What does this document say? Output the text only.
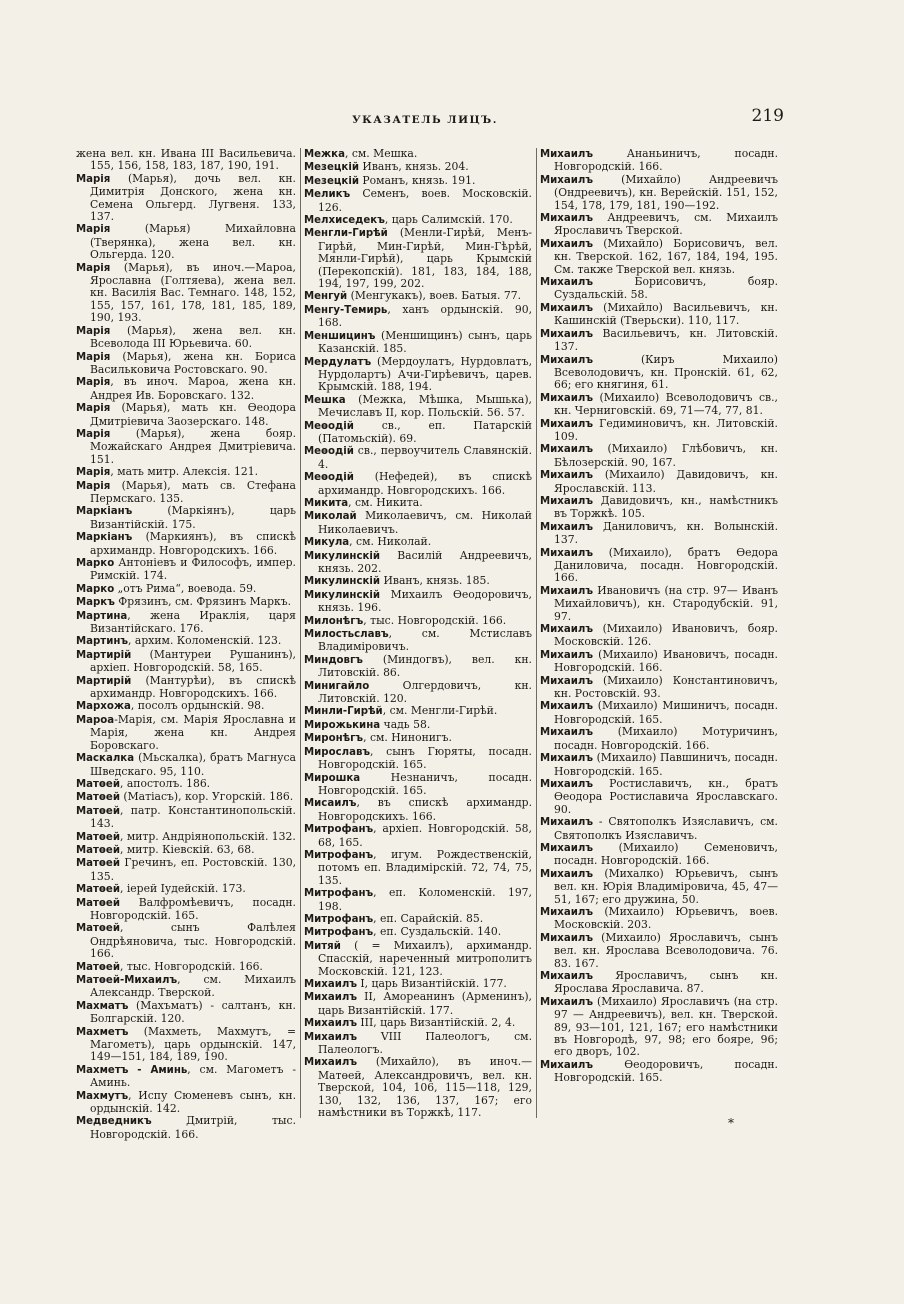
УКАЗАТЕЛЬ ЛИЦЪ.	219

жена вел. кн. Ивана III Васильевича. 155, 156, 158, 183, 187, 190, 191.

Марія (Марья), дочь вел. кн. Димитрія Донского, жена кн. Семена Ольгерд. Лугвеня. 133, 137.

Марія (Марья) Михайловна (Тверянка), жена вел. кн. Ольгерда. 120.

Марія (Марья), въ иноч.—Мароа, Ярославна (Голтяева), жена вел. кн. Василія Вас. Темнаго. 148, 152, 155, 157, 161, 178, 181, 185, 189, 190, 193.

Марія (Марья), жена вел. кн. Всеволода III Юрьевича. 60.

Марія (Марья), жена кн. Бориса Васильковича Ростовскаго. 90.

Марія, въ иноч. Мароа, жена кн. Андрея Ив. Боровскаго. 132.

Марія (Марья), мать кн. Өеодора Дмитріевича Заозерскаго. 148.

Марія (Марья), жена бояр. Можайскаго Андрея Дмитріевича. 151.

Марія, мать митр. Алексія. 121.

Марія (Марья), мать св. Стефана Пермскаго. 135.

Маркіанъ (Маркіянъ), царь Византійскій. 175.

Маркіанъ (Маркиянъ), въ спискѣ архимандр. Новгородскихъ. 166.

Марко Антоніевъ и Философъ, импер. Римскій. 174.

Марко „отъ Рима“, воевода. 59.

Маркъ Фрязинъ, см. Фрязинъ Маркъ.

Мартина, жена Ираклія, царя Византійскаго. 176.

Мартинъ, архим. Коломенскій. 123.

Мартирій (Мантуреи Рушанинъ), архіеп. Новгородскій. 58, 165.

Мартирій (Мантурѣи), въ спискѣ архимандр. Новгородскихъ. 166.

Мархожа, посолъ ордынскій. 98.

Мароа-Марія, см. Марія Ярославна и Марія, жена кн. Андрея Боровскаго.

Маскалка (Мьскалка), братъ Магнуса Шведскаго. 95, 110.

Матөей, апостолъ. 186.

Матөей (Матіасъ), кор. Угорскій. 186.

Матөей, патр. Константинопольскій. 143.

Матөей, митр. Андріянопольскій. 132.

Матөей, митр. Кіевскій. 63, 68.

Матөей Гречинъ, еп. Ростовскій. 130, 135.

Матөей, іерей Іудейскій. 173.

Матөей Валфромѣевичъ, посадн. Новгородскій. 165.

Матөей, сынъ Фалѣлея Ондрѣяновича, тыс. Новгородскій. 166.

Матөей, тыс. Новгородскій. 166.

Матөей-Михаилъ, см. Михаилъ Александр. Тверской.

Махматъ (Махъматъ) - салтанъ, кн. Болгарскій. 120.

Махметъ (Махметь, Махмутъ, = Магометъ), царь ордынскій. 147, 149—151, 184, 189, 190.

Махметъ - Аминь, см. Магометъ - Аминь.

Махмутъ, Испу Сюменевъ сынъ, кн. ордынскій. 142.

Медведникъ Дмитрій, тыс. Новгородскій. 166.

Межка, см. Мешка.

Мезецкій Иванъ, князь. 204.

Мезецкій Романъ, князь. 191.

Меликъ Семенъ, воев. Московскій. 126.

Мелхиседекъ, царь Салимскій. 170.

Менгли-Гирѣй (Менли-Гирѣй, Менъ-Гирѣй, Мин-Гирѣй, Мин-Гѣрѣй, Мянли-Гирѣй), царь Крымскій (Перекопскій). 181, 183, 184, 188, 194, 197, 199, 202.

Менгуй (Менгукакъ), воев. Батыя. 77.

Менгу-Темирь, ханъ ордынскій. 90, 168.

Меншицинъ (Меншищинъ) сынъ, царь Казанскій. 185.

Мердулатъ (Мердоулатъ, Нурдовлатъ, Нурдолартъ) Ачи-Гирѣевичъ, царев. Крымскій. 188, 194.

Мешка (Межка, Мѣшка, Мышька), Мечиславъ II, кор. Польскій. 56. 57.

Меөодій св., еп. Патарскій (Патомьскій). 69.

Меөодій св., первоучитель Славянскій. 4.

Меөодій (Нефедей), въ спискѣ архимандр. Новгородскихъ. 166.

Микита, см. Никита.

Миколай Миколаевичъ, см. Николай Николаевичъ.

Микула, см. Николай.

Микулинскій Василій Андреевичъ, князь. 202.

Микулинскій Иванъ, князь. 185.

Микулинскій Михаилъ Өеодоровичъ, князь. 196.

Милонѣгъ, тыс. Новгородскій. 166.

Милостьславъ, см. Мстиславъ Владиміровичъ.

Миндовгъ (Миндогвъ), вел. кн. Литовскій. 86.

Минигайло Олгердовичъ, кн. Литовскій. 120.

Минли-Гирѣй, см. Менгли-Гирѣй.

Мирожькина чадь 58.

Миронѣгъ, см. Нинонигъ.

Мирославъ, сынъ Гюряты, посадн. Новгородскій. 165.

Мирошка Незнаничъ, посадн. Новгородскій. 165.

Мисаилъ, въ спискѣ архимандр. Новгородскихъ. 166.

Митрофанъ, архіеп. Новгородскій. 58, 68, 165.

Митрофанъ, игум. Рождественскій, потомъ еп. Владимірскій. 72, 74, 75, 135.

Митрофанъ, еп. Коломенскій. 197, 198.

Митрофанъ, еп. Сарайскій. 85.

Митрофанъ, еп. Суздальскій. 140.

Митяй ( = Михаилъ), архимандр. Спасскій, нареченный митрополитъ Московскій. 121, 123.

Михаилъ I, царь Византійскій. 177.

Михаилъ II, Амореанинъ (Арменинъ), царь Византійскій. 177.

Михаилъ III, царь Византійскій. 2, 4.

Михаилъ VIII Палеологъ, см. Палеологъ.

Михаилъ (Михайло), въ иноч.—Матөей, Александровичъ, вел. кн. Тверской, 104, 106, 115—118, 129, 130, 132, 136, 137, 167; его намѣстники въ Торжкѣ, 117.

Михаилъ Ананьиничъ, посадн. Новгородскій. 166.

Михаилъ (Михайло) Андреевичъ (Ондреевичъ), кн. Верейскій. 151, 152, 154, 178, 179, 181, 190—192.

Михаилъ Андреевичъ, см. Михаилъ Ярославичъ Тверской.

Михаилъ (Михайло) Борисовичъ, вел. кн. Тверской. 162, 167, 184, 194, 195. См. также Тверской вел. князь.

Михаилъ Борисовичъ, бояр. Суздальскій. 58.

Михаилъ (Михайло) Васильевичъ, кн. Кашинскій (Тверьски). 110, 117.

Михаилъ Васильевичъ, кн. Литовскій. 137.

Михаилъ (Киръ Михаило) Всеволодовичъ, кн. Пронскій. 61, 62, 66; его княгиня, 61.

Михаилъ (Михаило) Всеволодовичъ св., кн. Черниговскій. 69, 71—74, 77, 81.

Михаилъ Гедиминовичъ, кн. Литовскій. 109.

Михаилъ (Михаило) Глѣбовичъ, кн. Бѣлозерскій. 90, 167.

Михаилъ (Михаило) Давидовичъ, кн. Ярославскій. 113.

Михаилъ Давидовичъ, кн., намѣстникъ въ Торжкѣ. 105.

Михаилъ Даниловичъ, кн. Волынскій. 137.

Михаилъ (Михаило), братъ Өедора Даниловича, посадн. Новгородскій. 166.

Михаилъ Ивановичъ (на стр. 97— Иванъ Михайловичъ), кн. Стародубскій. 91, 97.

Михаилъ (Михаило) Ивановичъ, бояр. Московскій. 126.

Михаилъ (Михаило) Ивановичъ, посадн. Новгородскій. 166.

Михаилъ (Михаило) Константиновичъ, кн. Ростовскій. 93.

Михаилъ (Михаило) Мишиничъ, посадн. Новгородскій. 165.

Михаилъ (Михаило) Мотуричинъ, посадн. Новгородскій. 166.

Михаилъ (Михаило) Павшиничъ, посадн. Новгородскій. 165.

Михаилъ Ростиславичъ, кн., братъ Өеодора Ростиславича Ярославскаго. 90.

Михаилъ - Святополкъ Изяславичъ, см. Святополкъ Изяславичъ.

Михаилъ (Михаило) Семеновичъ, посадн. Новгородскій. 166.

Михаилъ (Михалко) Юрьевичъ, сынъ вел. кн. Юрія Владиміровича, 45, 47—51, 167; его дружина, 50.

Михаилъ (Михаило) Юрьевичъ, воев. Московскій. 203.

Михаилъ (Михаило) Ярославичъ, сынъ вел. кн. Ярослава Всеволодовича. 76. 83. 167.

Михаилъ Ярославичъ, сынъ кн. Ярослава Ярославича. 87.

Михаилъ (Михаило) Ярославичъ (на стр. 97 — Андреевичъ), вел. кн. Тверской. 89, 93—101, 121, 167; его намѣстники въ Новгородѣ, 97, 98; его бояре, 96; его дворъ, 102.

Михаилъ Өеодоровичъ, посадн. Новгородскій. 165.

*
